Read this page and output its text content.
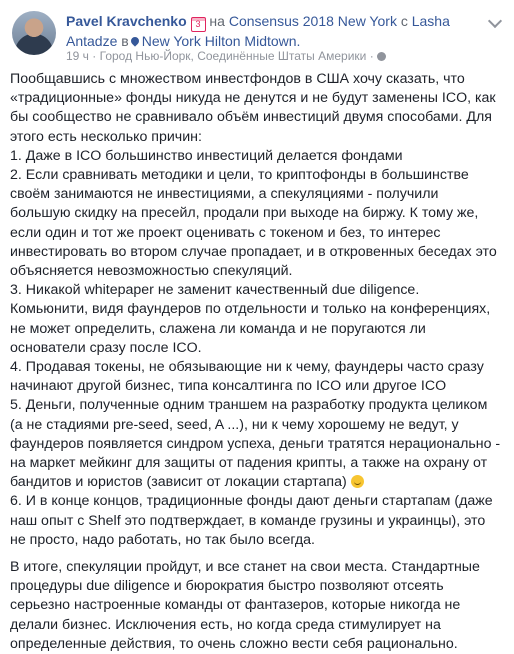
Pavel Kravchenko 3 на Consensus 2018 New York с Lasha Antadze в New York Hilton Midtown.
19 ч · Город Нью-Йорк, Соединённые Штаты Америки ·

Пообщавшись с множеством инвестфондов в США хочу сказать, что
«традиционные» фонды никуда не денутся и не будут заменены ICO, как
бы сообщество не сравнивало объём инвестиций двумя способами. Для
этого есть несколько причин:
1. Даже в ICO большинство инвестиций делается фондами
2. Если сравнивать методики и цели, то криптофонды в большинстве
своём занимаются не инвестициями, а спекуляциями - получили
большую скидку на пресейл, продали при выходе на биржу. К тому же,
если один и тот же проект оценивать с токеном и без, то интерес
инвестировать во втором случае пропадает, и в откровенных беседах это
объясняется невозможностью спекуляций.
3. Никакой whitepaper не заменит качественный due diligence.
Комьюнити, видя фаундеров по отдельности и только на конференциях,
не может определить, слажена ли команда и не поругаются ли
основатели сразу после ICO.
4. Продавая токены, не обязывающие ни к чему, фаундеры часто сразу
начинают другой бизнес, типа консалтинга по ICO или другое ICO
5. Деньги, полученные одним траншем на разработку продукта целиком
(а не стадиями pre-seed, seed, A ...), ни к чему хорошему не ведут, у
фаундеров появляется синдром успеха, деньги тратятся нерационально -
на маркет мейкинг для защиты от падения крипты, а также на охрану от
бандитов и юристов (зависит от локации стартапа)
6. И в конце концов, традиционные фонды дают деньги стартапам (даже
наш опыт с Shelf это подтверждает, в команде грузины и украинцы), это
не просто, надо работать, но так было всегда.

В итоге, спекуляции пройдут, и все станет на свои места. Стандартные
процедуры due diligence и бюрократия быстро позволяют отсеять
серьезно настроенные команды от фантазеров, которые никогда не
делали бизнес. Исключения есть, но когда среда стимулирует на
определенные действия, то очень сложно вести себя рационально.
